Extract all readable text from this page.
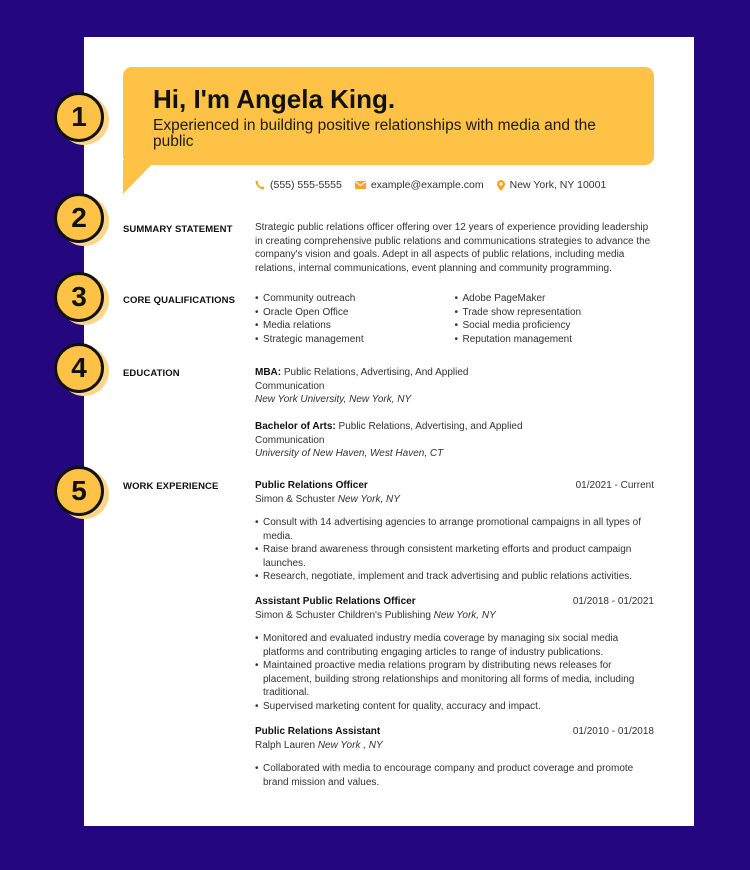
Hi, I'm Angela King.

Experienced in building positive relationships with media and the public

(555) 555-5555	example@example.com New York, NY 10001
1
2
3
4
5
SUMMARY STATEMENT Strategic public relations officer offering over 12 years of experience providing leadership in creating comprehensive public relations and communications strategies to advance the company's vision and goals. Adept in all aspects of public relations, including media relations, internal communications, event planning and community programming.
CORE QUALIFICATIONS
•	Community outreach
• Oracle Open Office
• Media relations
• Strategic management
• Adobe PageMaker
• Trade show representation
• Social media proficiency
• Reputation management
EDUCATION	MBA: Public Relations, Advertising, And Applied Communication
New York University, New York, NY
Bachelor of Arts: Public Relations, Advertising, and Applied Communication
University of New Haven, West Haven, CT
WORK EXPERIENCE	Public Relations Officer	01/2021 - Current
Simon & Schuster New York, NY
• Consult with 14 advertising agencies to arrange promotional campaigns in all types of media.
• Raise brand awareness through consistent marketing efforts and product campaign launches.
• Research, negotiate, implement and track advertising and public relations activities.
Assistant Public Relations Officer	01/2018 - 01/2021
Simon & Schuster Children's Publishing New York, NY
• Monitored and evaluated industry media coverage by managing six social media platforms and contributing engaging articles to range of industry publications.
• Maintained proactive media relations program by distributing news releases for placement, building strong relationships and monitoring all forms of media, including traditional.
• Supervised marketing content for quality, accuracy and impact.
Public Relations Assistant	01/2010 - 01/2018
Ralph Lauren New York , NY
• Collaborated with media to encourage company and product coverage and promote brand mission and values.
